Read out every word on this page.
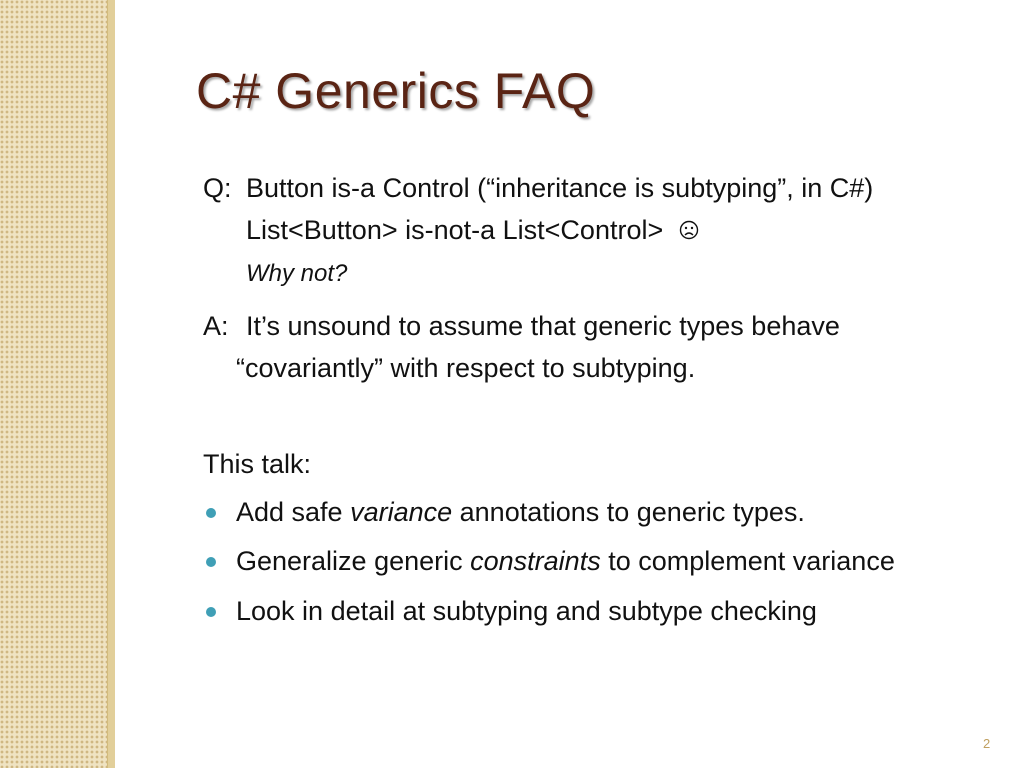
C# Generics FAQ
Q: Button is-a Control (“inheritance is subtyping”, in C#)
List<Button> is-not-a List<Control>
Why not?
A: It’s unsound to assume that generic types behave
“covariantly” with respect to subtyping.
This talk:
Add safe variance annotations to generic types.
Generalize generic constraints to complement variance
Look in detail at subtyping and subtype checking
2
